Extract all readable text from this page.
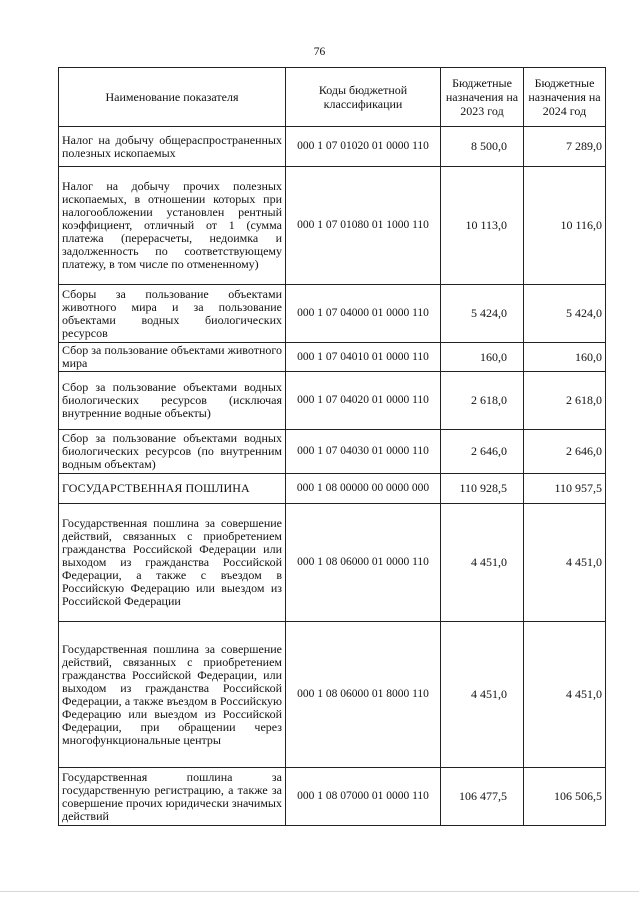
76
Наименование показателя	Коды бюджетной классификации	Бюджетные назначения на 2023 год	Бюджетные назначения на 2024 год
Налог на добычу общераспространенных полезных ископаемых	000 1 07 01020 01 0000 110	8 500,0	7 289,0
Налог на добычу прочих полезных ископаемых, в отношении которых при налогообложении установлен рентный коэффициент, отличный от 1 (сумма платежа (перерасчеты, недоимка и задолженность по соответствующему платежу, в том числе по отмененному)	000 1 07 01080 01 1000 110	10 113,0	10 116,0
Сборы за пользование объектами животного мира и за пользование объектами водных биологических ресурсов	000 1 07 04000 01 0000 110	5 424,0	5 424,0
Сбор за пользование объектами животного мира	000 1 07 04010 01 0000 110	160,0	160,0
Сбор за пользование объектами водных биологических ресурсов (исключая внутренние водные объекты)	000 1 07 04020 01 0000 110	2 618,0	2 618,0
Сбор за пользование объектами водных биологических ресурсов (по внутренним водным объектам)	000 1 07 04030 01 0000 110	2 646,0	2 646,0
ГОСУДАРСТВЕННАЯ ПОШЛИНА	000 1 08 00000 00 0000 000	110 928,5	110 957,5
Государственная пошлина за совершение действий, связанных с приобретением гражданства Российской Федерации или выходом из гражданства Российской Федерации, а также с въездом в Российскую Федерацию или выездом из Российской Федерации	000 1 08 06000 01 0000 110	4 451,0	4 451,0
Государственная пошлина за совершение действий, связанных с приобретением гражданства Российской Федерации, или выходом из гражданства Российской Федерации, а также въездом в Российскую Федерацию или выездом из Российской Федерации, при обращении через многофункциональные центры	000 1 08 06000 01 8000 110	4 451,0	4 451,0
Государственная пошлина за государственную регистрацию, а также за совершение прочих юридически значимых действий	000 1 08 07000 01 0000 110	106 477,5	106 506,5
